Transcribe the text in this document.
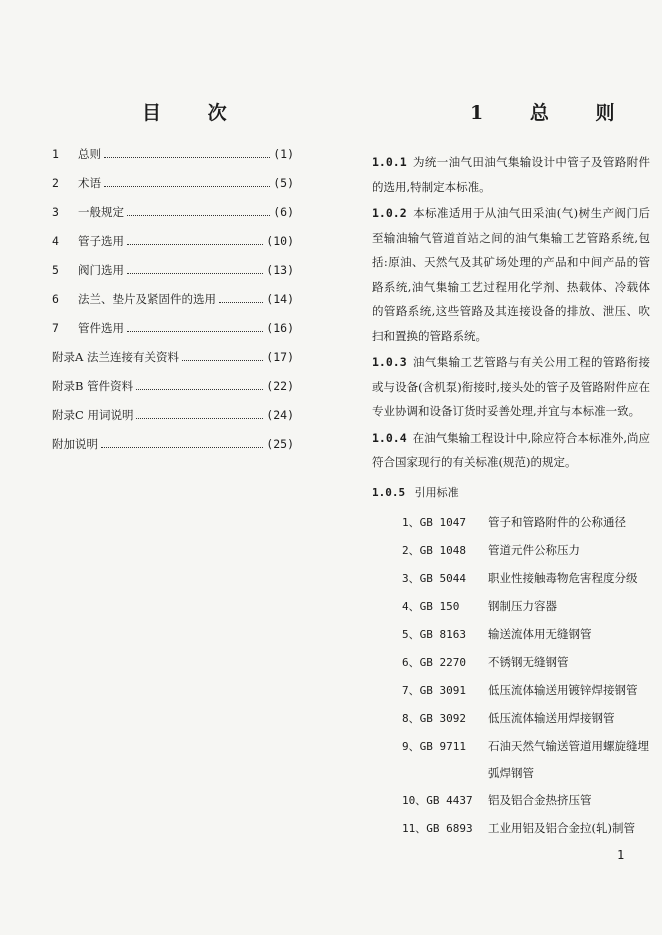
目 次
1	总则	(1)
2	术语	(5)
3	一般规定	(6)
4	管子选用	(10)
5	阀门选用	(13)
6	法兰、垫片及紧固件的选用	(14)
7	管件选用	(16)
附录A 法兰连接有关资料	(17)
附录B 管件资料	(22)
附录C 用词说明	(24)
附加说明	(25)
1 总 则
1.0.1 为统一油气田油气集输设计中管子及管路附件的选用,特制定本标准。
1.0.2 本标准适用于从油气田采油(气)树生产阀门后至输油输气管道首站之间的油气集输工艺管路系统,包括:原油、天然气及其矿场处理的产品和中间产品的管路系统,油气集输工艺过程用化学剂、热载体、冷载体的管路系统,这些管路及其连接设备的排放、泄压、吹扫和置换的管路系统。
1.0.3 油气集输工艺管路与有关公用工程的管路衔接或与设备(含机泵)衔接时,接头处的管子及管路附件应在专业协调和设备订货时妥善处理,并宜与本标准一致。
1.0.4 在油气集输工程设计中,除应符合本标准外,尚应符合国家现行的有关标准(规范)的规定。
1.0.5 引用标准
1、GB 1047	管子和管路附件的公称通径
2、GB 1048	管道元件公称压力
3、GB 5044	职业性接触毒物危害程度分级
4、GB 150	钢制压力容器
5、GB 8163	输送流体用无缝钢管
6、GB 2270	不锈钢无缝钢管
7、GB 3091	低压流体输送用镀锌焊接钢管
8、GB 3092	低压流体输送用焊接钢管
9、GB 9711	石油天然气输送管道用螺旋缝埋弧焊钢管
10、GB 4437	铝及铝合金热挤压管
11、GB 6893	工业用铝及铝合金拉(轧)制管
1
